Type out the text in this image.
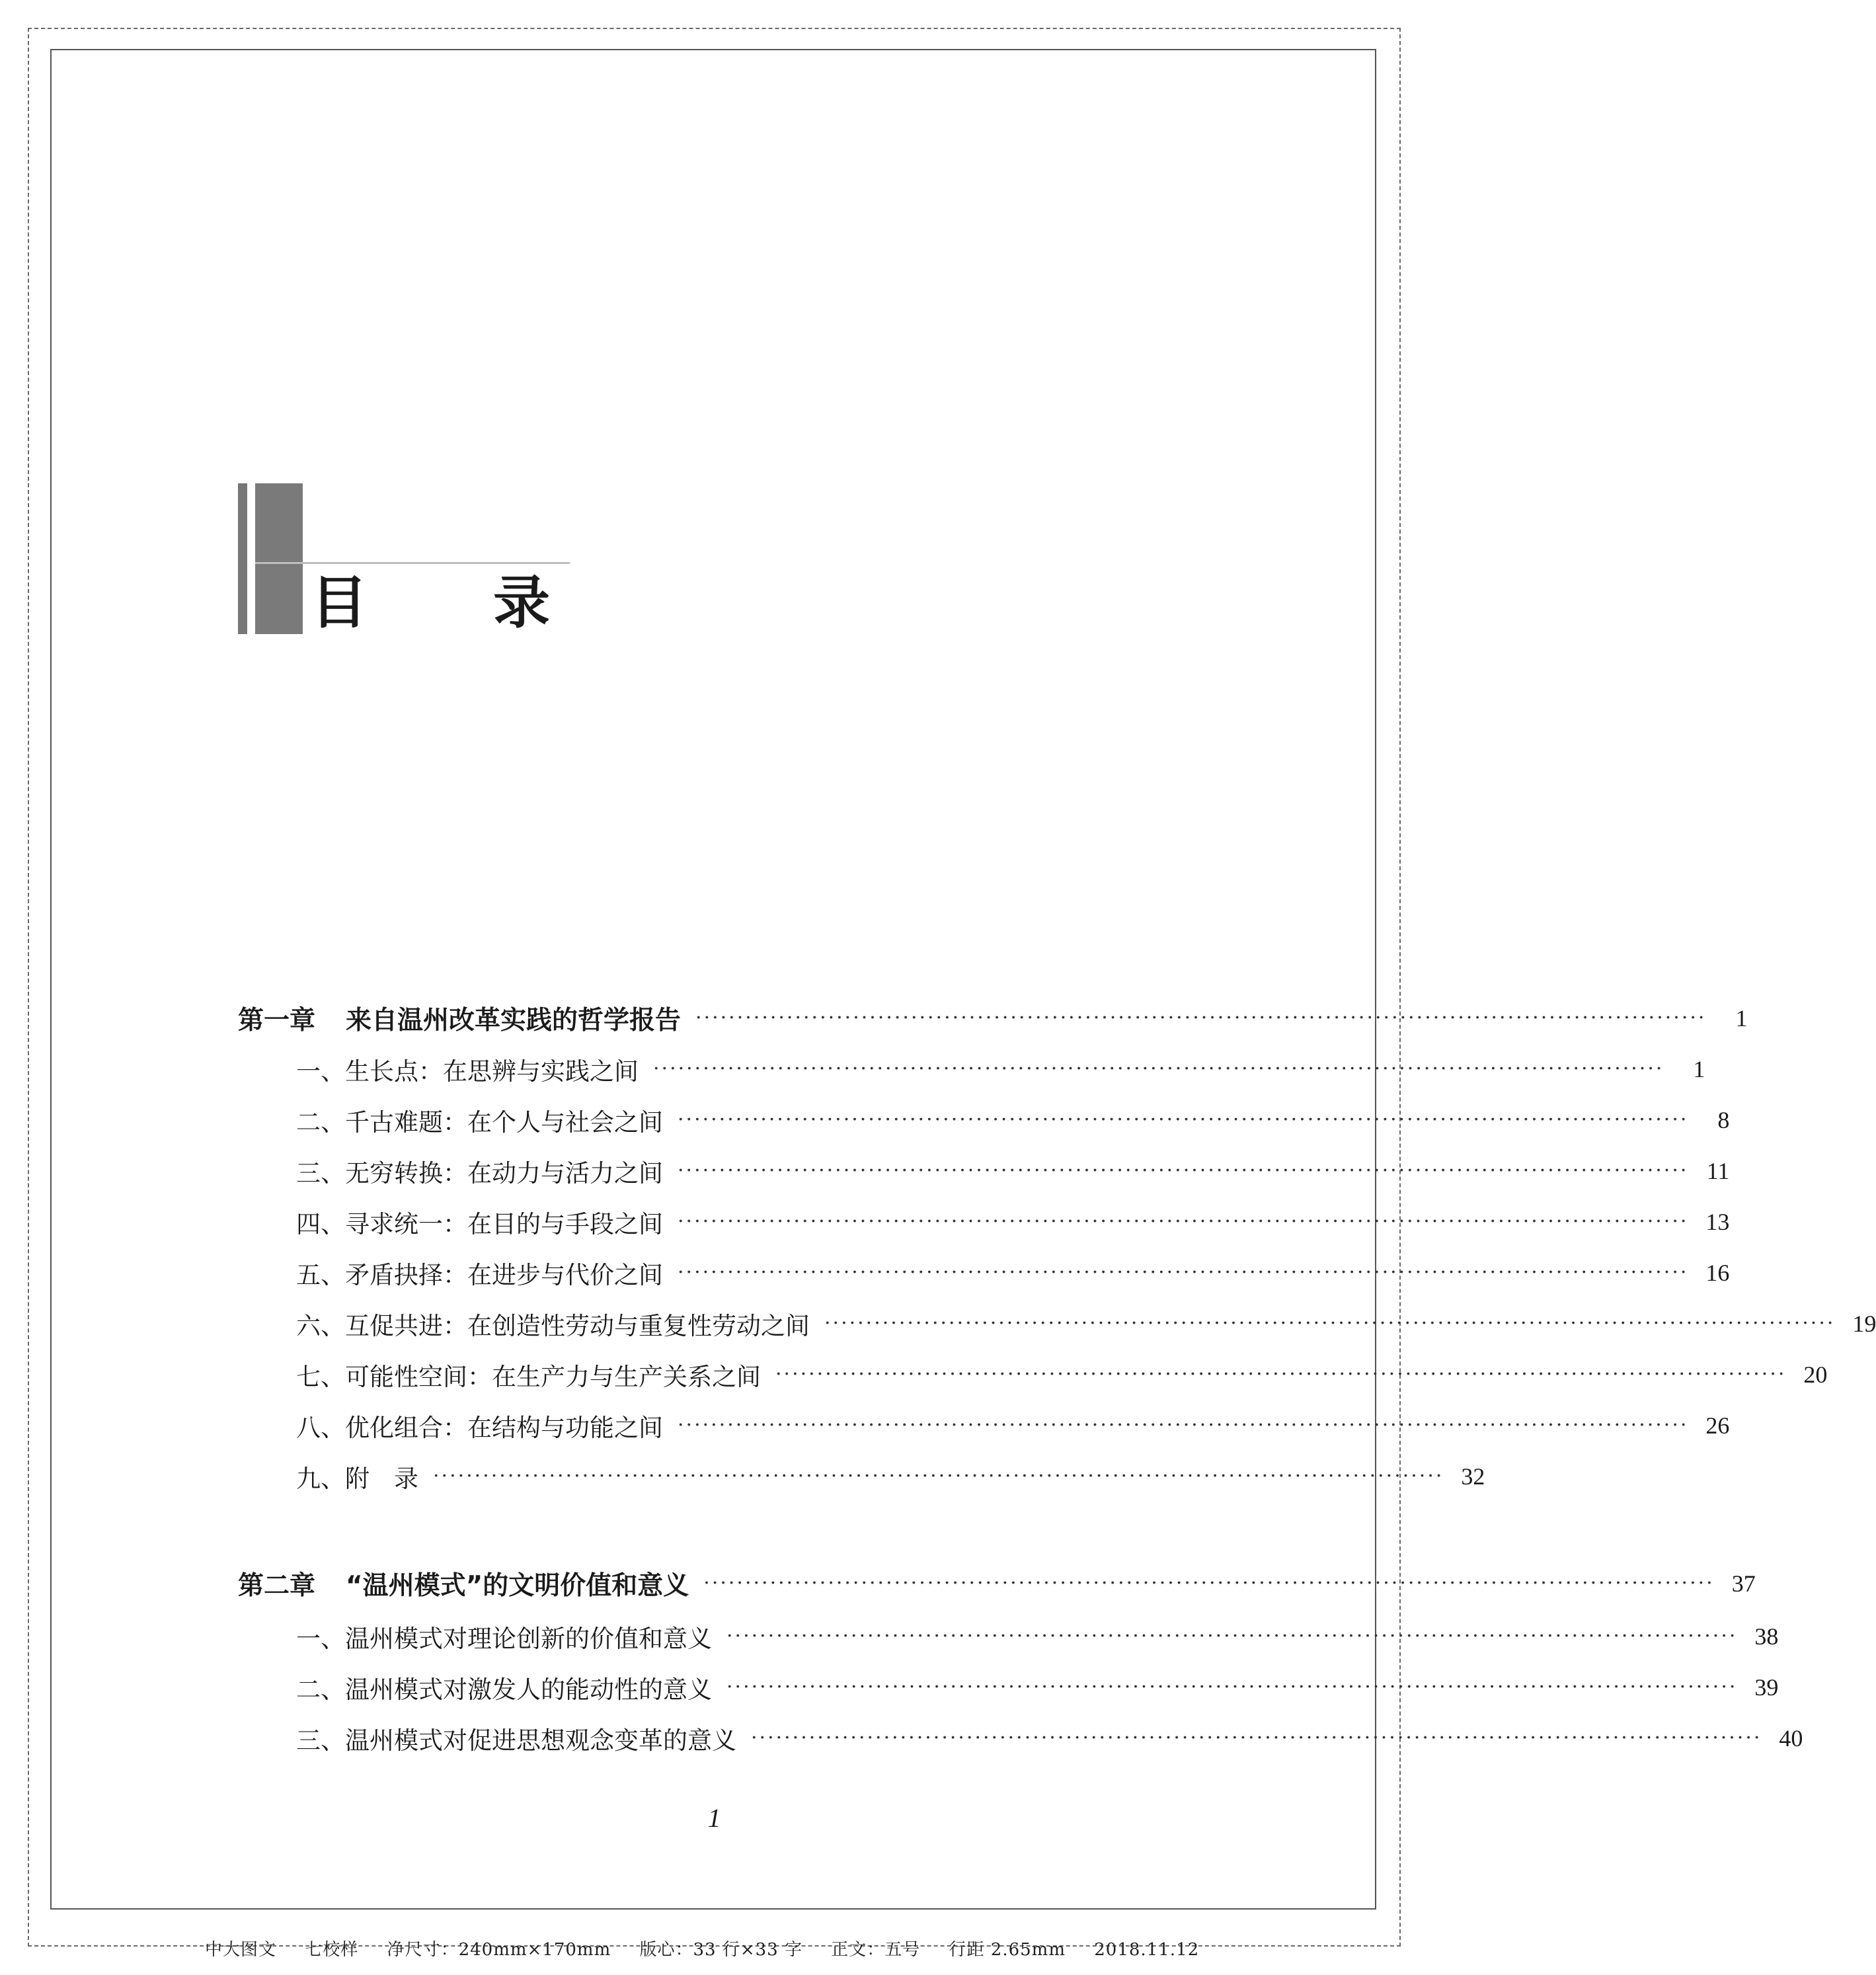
目 录
第一章 来自温州改革实践的哲学报告 ··························································································································	1
一、生长点：在思辨与实践之间 ··························································································································	1
二、千古难题：在个人与社会之间 ··························································································································	8
三、无穷转换：在动力与活力之间 ·························································································································· 11
四、寻求统一：在目的与手段之间 ·························································································································· 13
五、矛盾抉择：在进步与代价之间 ·························································································································· 16
六、互促共进：在创造性劳动与重复性劳动之间 ·························································································································· 19
七、可能性空间：在生产力与生产关系之间 ·························································································································· 20
八、优化组合：在结构与功能之间 ·························································································································· 26
九、附　录 ·························································································································· 32
第二章 “温州模式”的文明价值和意义 ·························································································································· 37
一、温州模式对理论创新的价值和意义 ·························································································································· 38
二、温州模式对激发人的能动性的意义 ·························································································································· 39
三、温州模式对促进思想观念变革的意义 ·························································································································· 40
1
中大图文 七校样 净尺寸：240mm×170mm 版心：33 行×33 字 正文：五号 行距 2.65mm 2018.11.12
